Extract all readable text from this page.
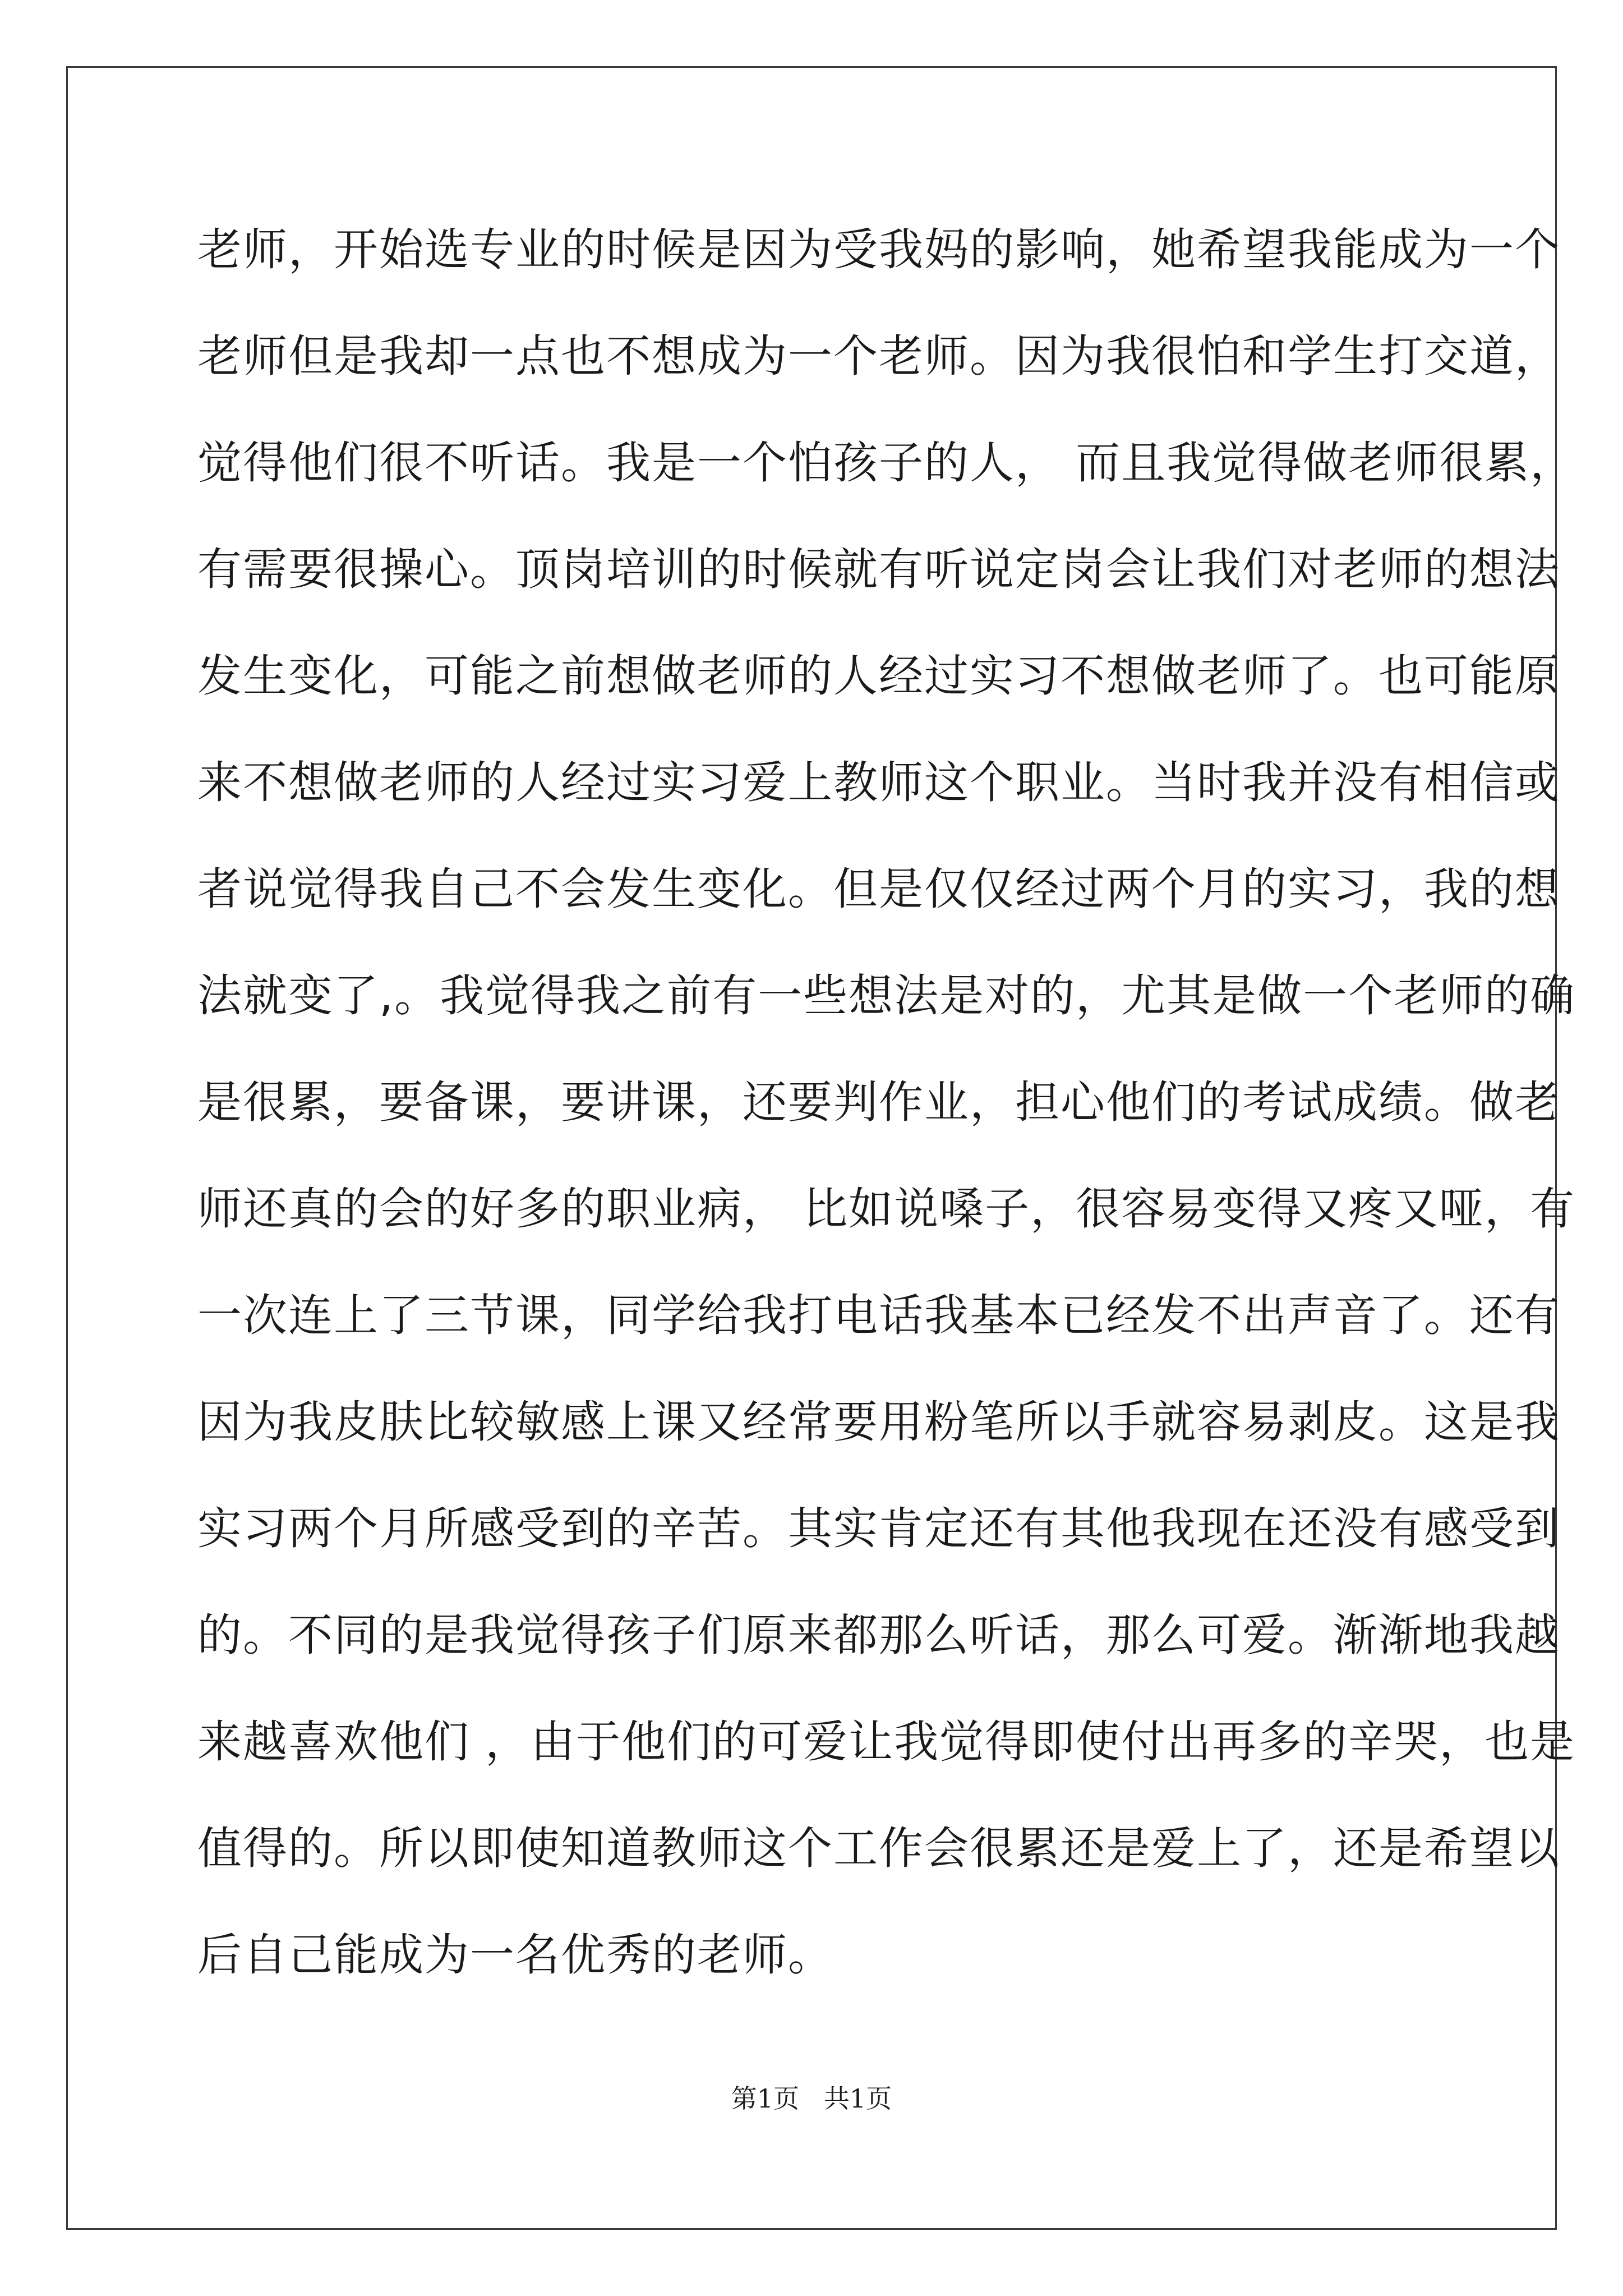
老师，开始选专业的时候是因为受我妈的影响，她希望我能成为一个
老师但是我却一点也不想成为一个老师。因为我很怕和学生打交道，
觉得他们很不听话。我是一个怕孩子的人， 而且我觉得做老师很累，
有需要很操心。顶岗培训的时候就有听说定岗会让我们对老师的想法
发生变化，可能之前想做老师的人经过实习不想做老师了。也可能原
来不想做老师的人经过实习爱上教师这个职业。当时我并没有相信或
者说觉得我自己不会发生变化。但是仅仅经过两个月的实习，我的想
法就变了,。我觉得我之前有一些想法是对的，尤其是做一个老师的确
是很累，要备课，要讲课，还要判作业，担心他们的考试成绩。做老
师还真的会的好多的职业病， 比如说嗓子，很容易变得又疼又哑，有
一次连上了三节课，同学给我打电话我基本已经发不出声音了。还有
因为我皮肤比较敏感上课又经常要用粉笔所以手就容易剥皮。这是我
实习两个月所感受到的辛苦。其实肯定还有其他我现在还没有感受到
的。不同的是我觉得孩子们原来都那么听话，那么可爱。渐渐地我越
来越喜欢他们 ，由于他们的可爱让我觉得即使付出再多的辛哭，也是
值得的。所以即使知道教师这个工作会很累还是爱上了，还是希望以
后自己能成为一名优秀的老师。
第1页   共1页
